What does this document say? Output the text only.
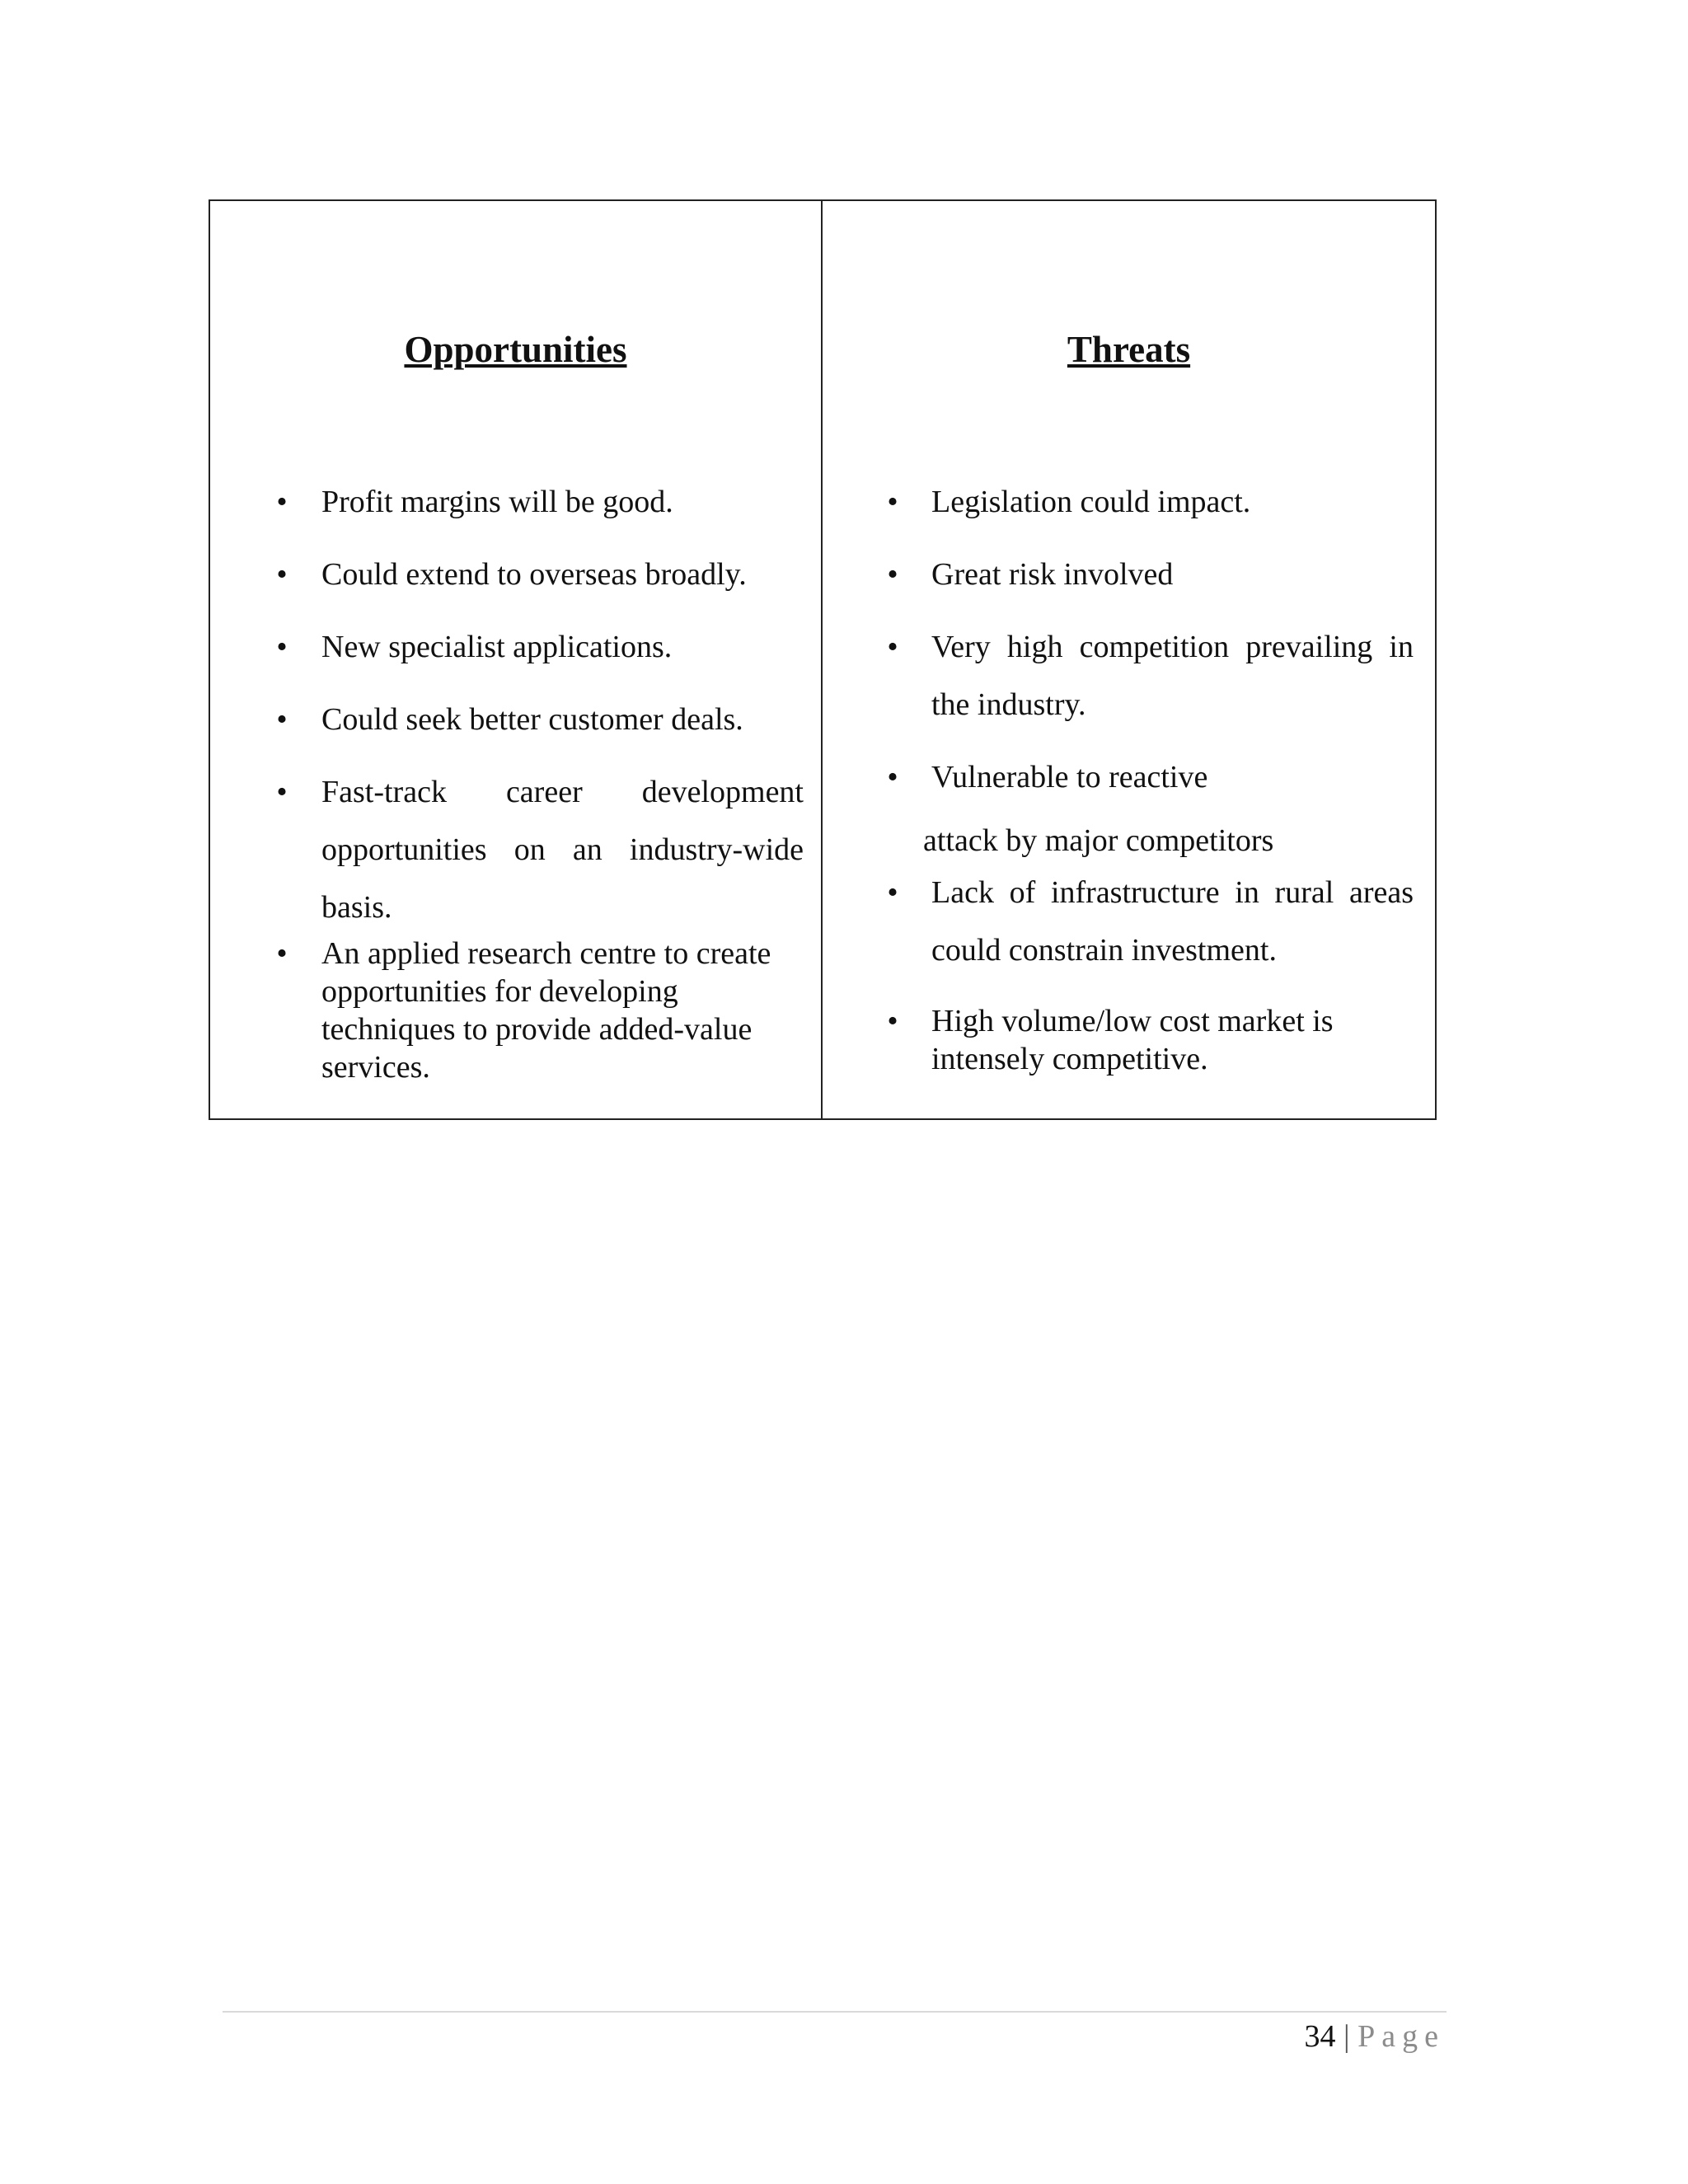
Opportunities
• Profit margins will be good.
• Could extend to overseas broadly.
• New specialist applications.
• Could seek better customer deals.
• Fast-track career development opportunities on an industry-wide basis.
• An applied research centre to create opportunities for developing techniques to provide added-value services.
Threats
• Legislation could impact.
• Great risk involved
• Very high competition prevailing in the industry.
• Vulnerable to reactive
attack by major competitors
• Lack of infrastructure in rural areas could constrain investment.
• High volume/low cost market is intensely competitive.
34 | Page
